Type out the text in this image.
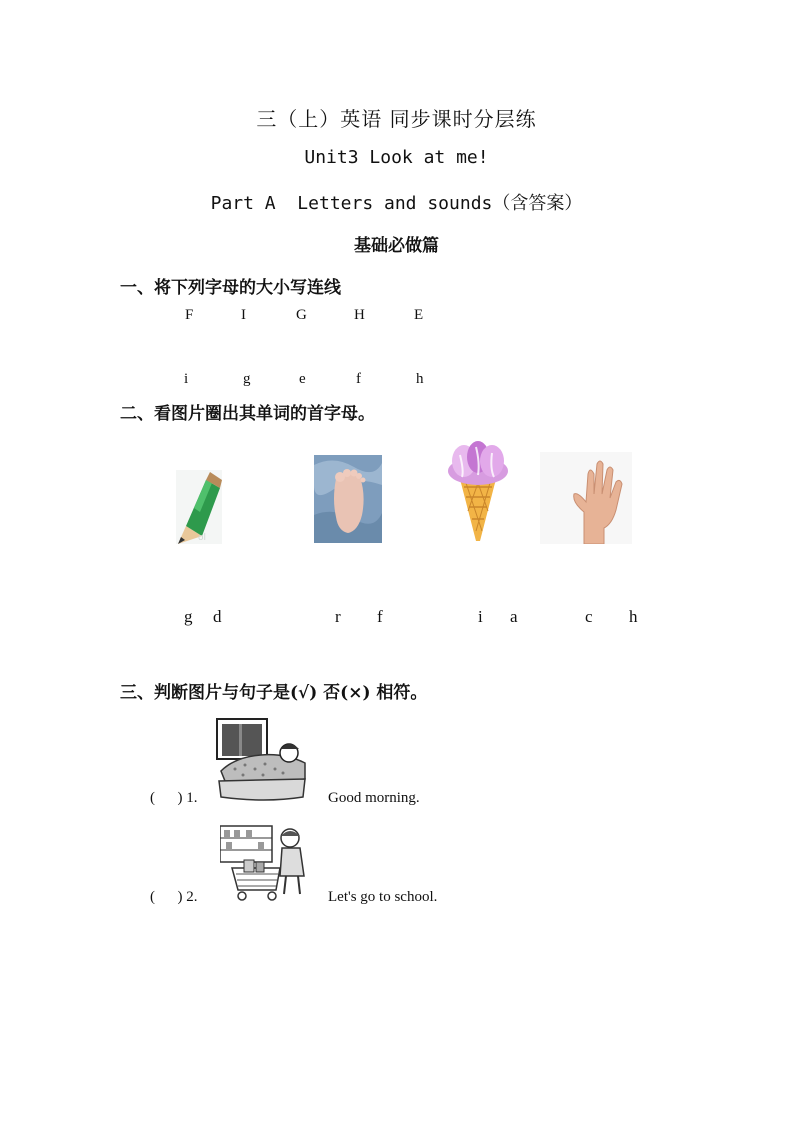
三（上）英语 同步课时分层练
Unit3 Look at me!
Part A  Letters and sounds（含答案）
基础必做篇
一、将下列字母的大小写连线
F	I	G	H	E
i	g	e	f	h
二、看图片圈出其单词的首字母。
ol
g d	r f	i a	c h
三、判断图片与句子是(√) 否(×) 相符。
(      ) 1.	Good morning.
(      ) 2.	Let's go to school.
